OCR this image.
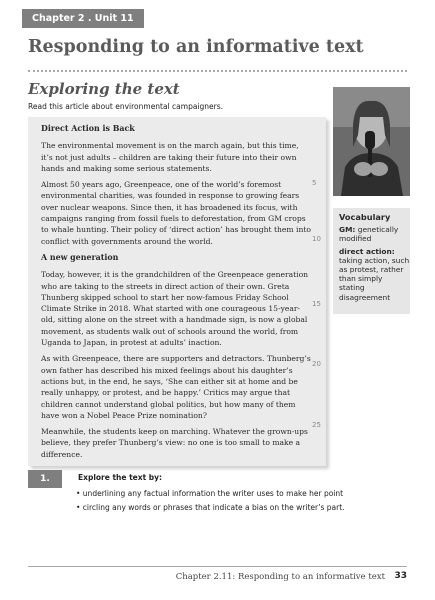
Chapter 2 . Unit 11
Responding to an informative text
Exploring the text

Read this article about environmental campaigners.

Direct Action is Back

The environmental movement is on the march again, but this time, it’s not just adults – children are taking their future into their own hands and making some serious statements.

Almost 50 years ago, Greenpeace, one of the world’s foremost environmental charities, was founded in response to growing fears over nuclear weapons. Since then, it has broadened its focus, with campaigns ranging from fossil fuels to deforestation, from GM crops to whale hunting. Their policy of ‘direct action’ has brought them into conflict with governments around the world.

A new generation

Today, however, it is the grandchildren of the Greenpeace generation who are taking to the streets in direct action of their own. Greta Thunberg skipped school to start her now-famous Friday School Climate Strike in 2018. What started with one courageous 15-year-old, sitting alone on the street with a handmade sign, is now a global movement, as students walk out of schools around the world, from Uganda to Japan, in protest at adults’ inaction.

As with Greenpeace, there are supporters and detractors. Thunberg’s own father has described his mixed feelings about his daughter’s actions but, in the end, he says, ‘She can either sit at home and be really unhappy, or protest, and be happy.’ Critics may argue that children cannot understand global politics, but how many of them have won a Nobel Peace Prize nomination?

Meanwhile, the students keep on marching. Whatever the grown-ups believe, they prefer Thunberg’s view: no one is too small to make a difference.

5
10
15
20
25
Vocabulary
GM: genetically modified
direct action: taking action, such as protest, rather than simply stating disagreement
1.	Explore the text by:

• underlining any factual information the writer uses to make her point

• circling any words or phrases that indicate a bias on the writer’s part.

Chapter 2.11: Responding to an informative text 33
